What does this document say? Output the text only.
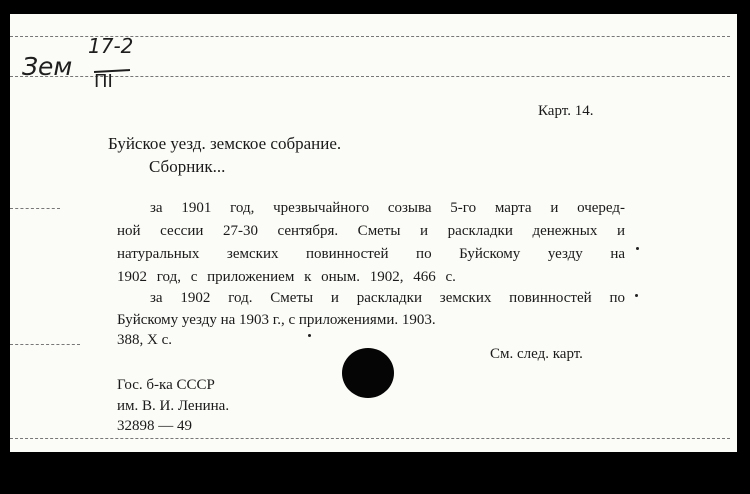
Зем
17-2
ПI
Карт. 14.
Буйское уезд. земское собрание.
Сборник...
за 1901 год, чрезвычайного созыва 5-го марта и очеред-
ной сессии 27-30 сентября. Сметы и раскладки денежных и
натуральных земских повинностей по Буйскому уезду на
1902 год, с приложением к оным. 1902, 466 с.
за 1902 год. Сметы и раскладки земских повинностей по
Буйскому уезду на 1903 г., с приложениями. 1903.
388, X с.
См. след. карт.
Гос. б-ка СССР
им. В. И. Ленина.
32898 — 49
